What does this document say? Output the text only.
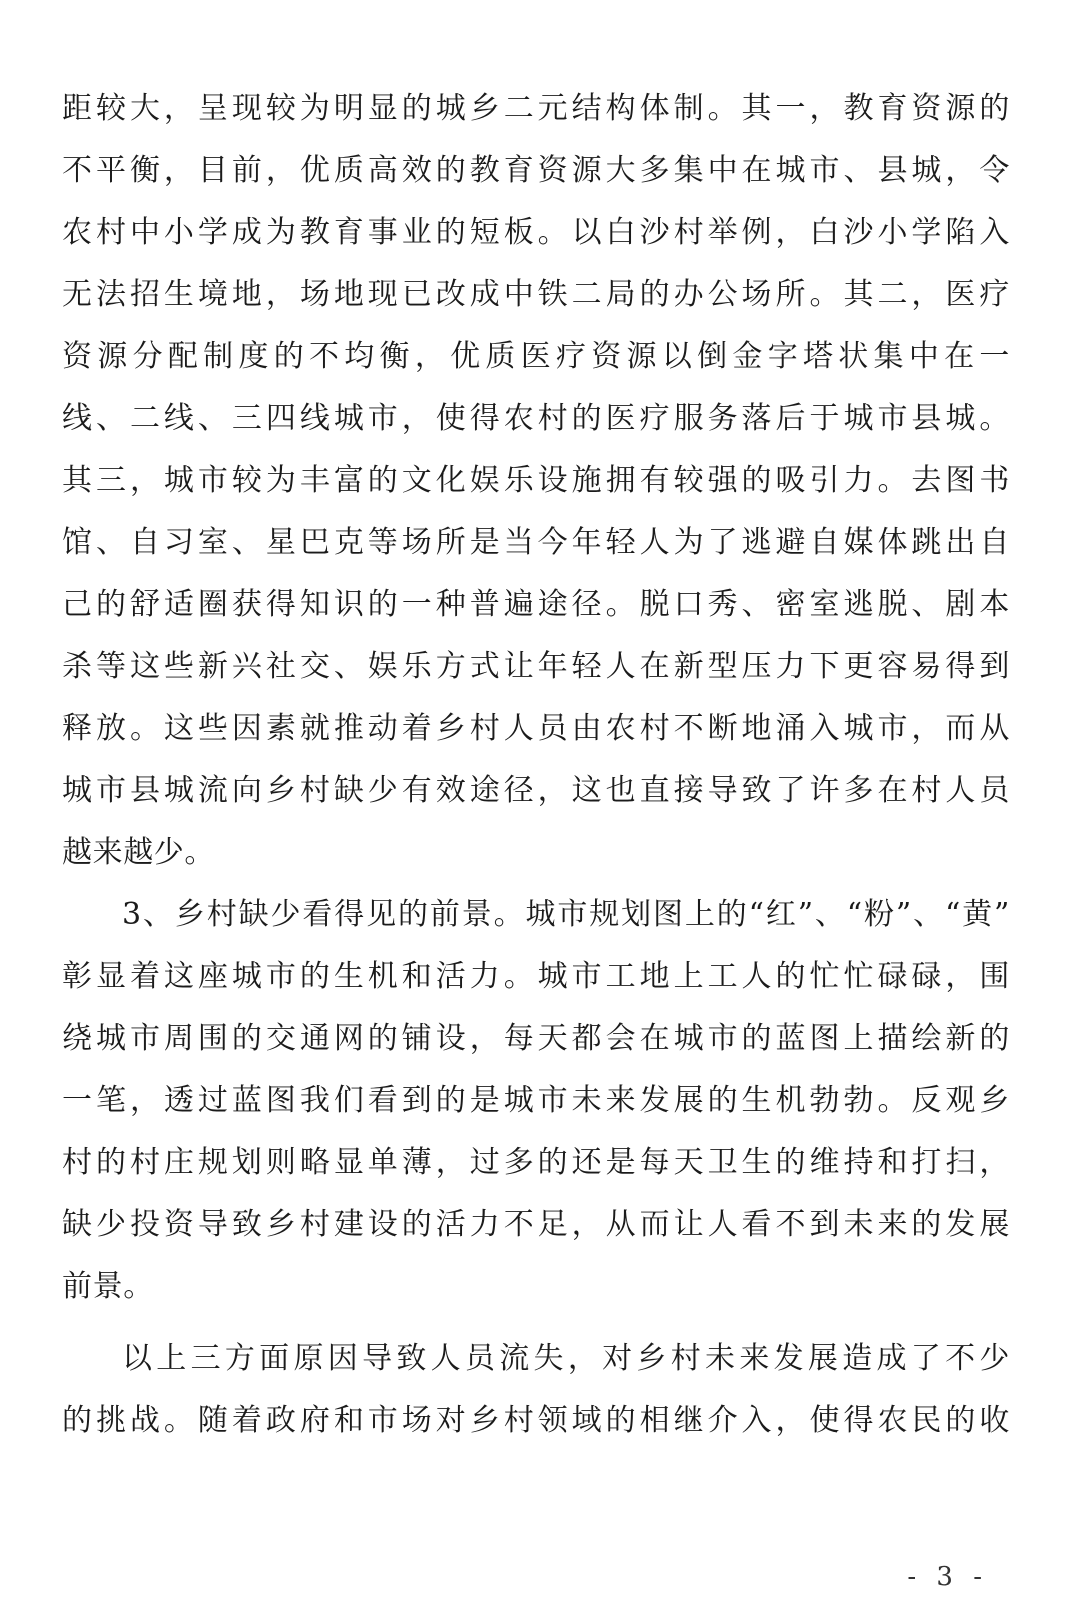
距较大，呈现较为明显的城乡二元结构体制。其一，教育资源的
不平衡，目前，优质高效的教育资源大多集中在城市、县城，令
农村中小学成为教育事业的短板。以白沙村举例，白沙小学陷入
无法招生境地，场地现已改成中铁二局的办公场所。其二，医疗
资源分配制度的不均衡，优质医疗资源以倒金字塔状集中在一
线、二线、三四线城市，使得农村的医疗服务落后于城市县城。
其三，城市较为丰富的文化娱乐设施拥有较强的吸引力。去图书
馆、自习室、星巴克等场所是当今年轻人为了逃避自媒体跳出自
己的舒适圈获得知识的一种普遍途径。脱口秀、密室逃脱、剧本
杀等这些新兴社交、娱乐方式让年轻人在新型压力下更容易得到
释放。这些因素就推动着乡村人员由农村不断地涌入城市，而从
城市县城流向乡村缺少有效途径，这也直接导致了许多在村人员
越来越少。
3、乡村缺少看得见的前景。城市规划图上的“红”、“粉”、“黄”
彰显着这座城市的生机和活力。城市工地上工人的忙忙碌碌，围
绕城市周围的交通网的铺设，每天都会在城市的蓝图上描绘新的
一笔，透过蓝图我们看到的是城市未来发展的生机勃勃。反观乡
村的村庄规划则略显单薄，过多的还是每天卫生的维持和打扫，
缺少投资导致乡村建设的活力不足，从而让人看不到未来的发展
前景。
以上三方面原因导致人员流失，对乡村未来发展造成了不少
的挑战。随着政府和市场对乡村领域的相继介入，使得农民的收
- 3 -
